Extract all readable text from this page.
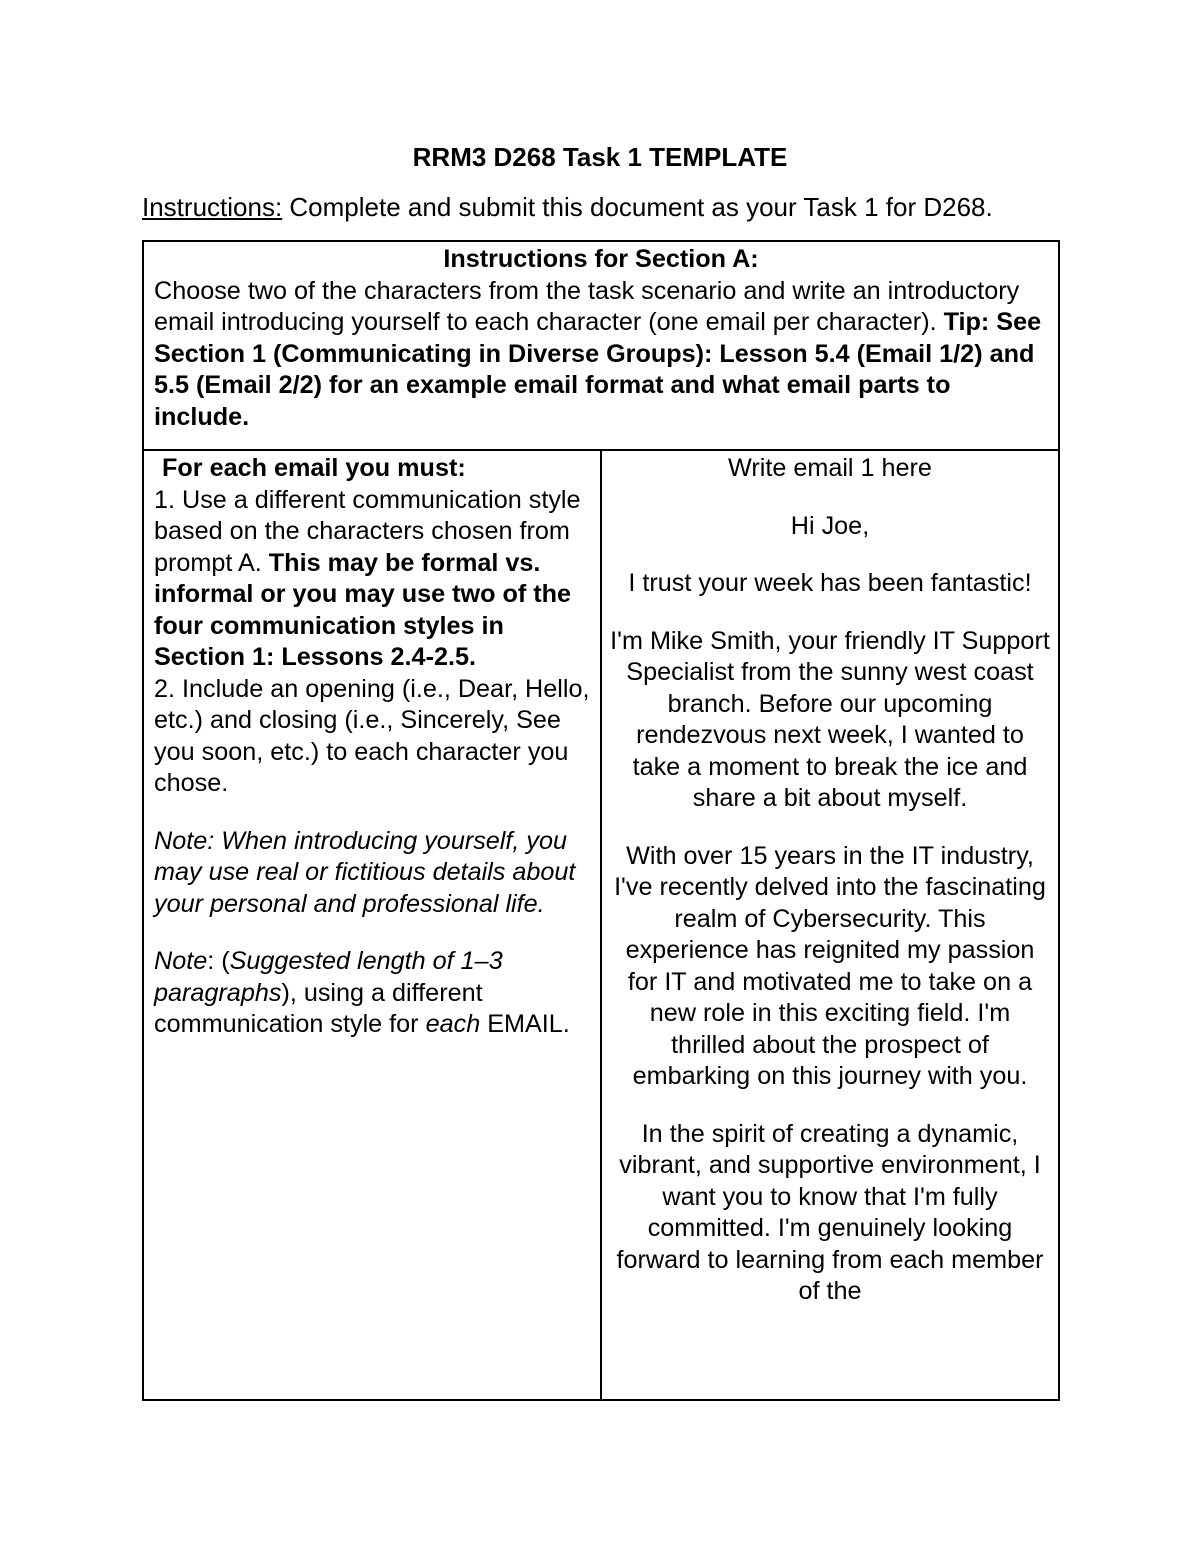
RRM3 D268 Task 1 TEMPLATE
Instructions: Complete and submit this document as your Task 1 for D268.
Instructions for Section A:

Choose two of the characters from the task scenario and write an introductory email introducing yourself to each character (one email per character). Tip: See Section 1 (Communicating in Diverse Groups): Lesson 5.4 (Email 1/2) and 5.5 (Email 2/2) for an example email format and what email parts to include.

For each email you must:

1. Use a different communication style based on the characters chosen from prompt A. This may be formal vs. informal or you may use two of the four communication styles in Section 1: Lessons 2.4-2.5.

2. Include an opening (i.e., Dear, Hello, etc.) and closing (i.e., Sincerely, See you soon, etc.) to each character you chose.

Note: When introducing yourself, you may use real or fictitious details about your personal and professional life.

Note: (Suggested length of 1–3 paragraphs), using a different communication style for each EMAIL.

Write email 1 here

Hi Joe,

I trust your week has been fantastic!

I'm Mike Smith, your friendly IT Support Specialist from the sunny west coast branch. Before our upcoming rendezvous next week, I wanted to take a moment to break the ice and share a bit about myself.

With over 15 years in the IT industry, I've recently delved into the fascinating realm of Cybersecurity. This experience has reignited my passion for IT and motivated me to take on a new role in this exciting field. I'm thrilled about the prospect of embarking on this journey with you.

In the spirit of creating a dynamic, vibrant, and supportive environment, I want you to know that I'm fully committed. I'm genuinely looking forward to learning from each member of the
